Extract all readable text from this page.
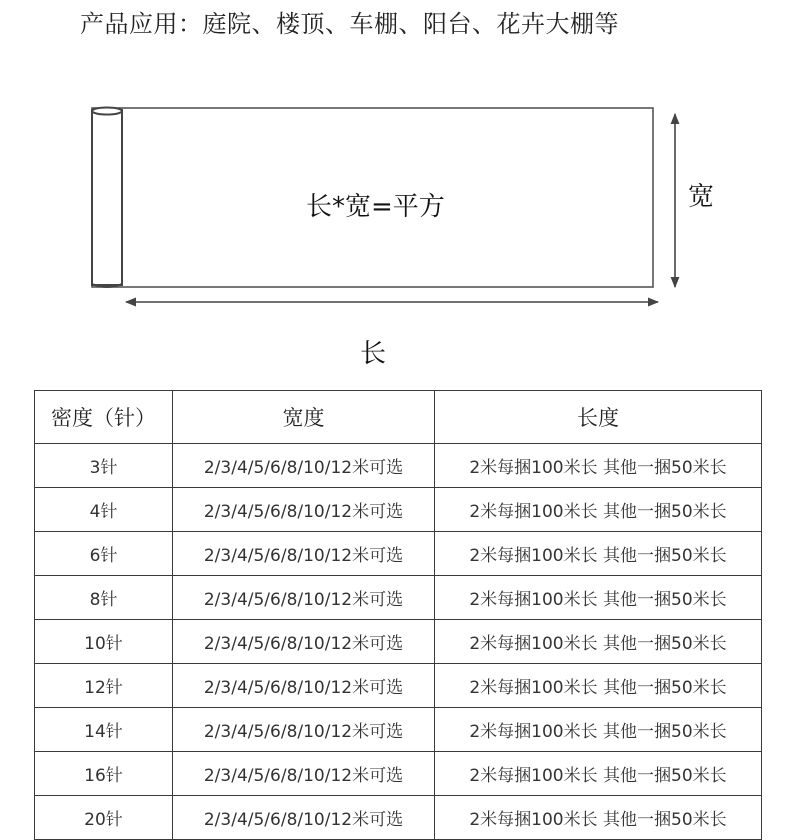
产品应用：庭院、楼顶、车棚、阳台、花卉大棚等
长*宽=平方	宽
长
密度（针）	宽度	长度
3针	2/3/4/5/6/8/10/12米可选	2米每捆100米长 其他一捆50米长
4针	2/3/4/5/6/8/10/12米可选	2米每捆100米长 其他一捆50米长
6针	2/3/4/5/6/8/10/12米可选	2米每捆100米长 其他一捆50米长
8针	2/3/4/5/6/8/10/12米可选	2米每捆100米长 其他一捆50米长
10针	2/3/4/5/6/8/10/12米可选	2米每捆100米长 其他一捆50米长
12针	2/3/4/5/6/8/10/12米可选	2米每捆100米长 其他一捆50米长
14针	2/3/4/5/6/8/10/12米可选	2米每捆100米长 其他一捆50米长
16针	2/3/4/5/6/8/10/12米可选	2米每捆100米长 其他一捆50米长
20针	2/3/4/5/6/8/10/12米可选	2米每捆100米长 其他一捆50米长
